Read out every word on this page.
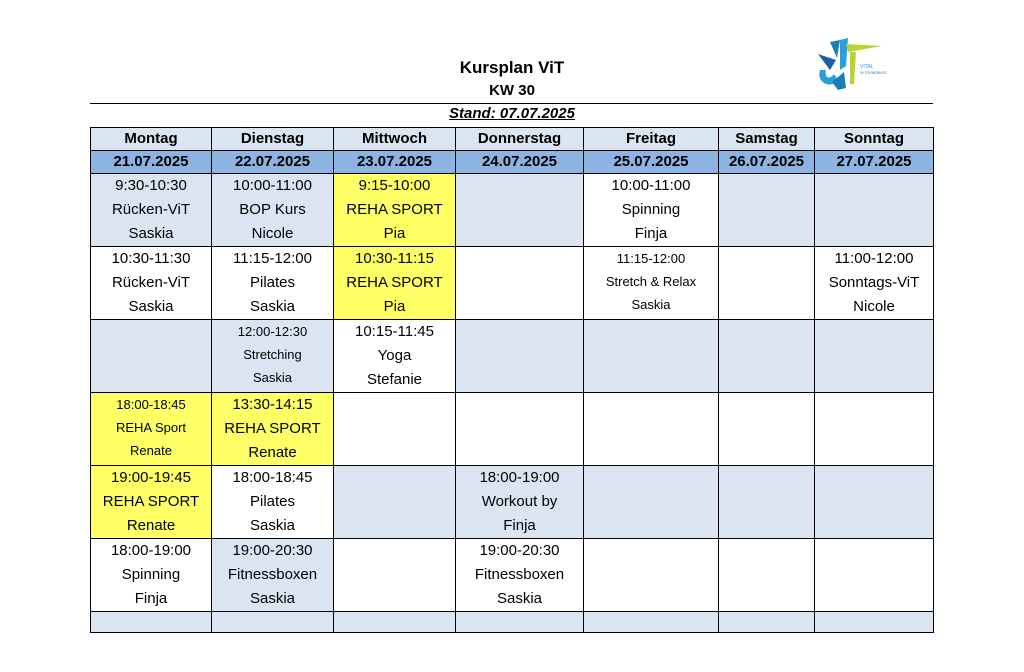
Kursplan ViT
KW 30
Stand: 07.07.2025
VITAL
IN TORNEBURG
Montag	Dienstag	Mittwoch	Donnerstag	Freitag	Samstag	Sonntag
21.07.2025	22.07.2025	23.07.2025	24.07.2025	25.07.2025	26.07.2025	27.07.2025

9:30-10:30
Rücken-ViT
Saskia	10:00-11:00
BOP Kurs
Nicole	9:15-10:00
REHA SPORT
Pia		10:00-11:00
Spinning
Finja		

10:30-11:30
Rücken-ViT
Saskia	11:15-12:00
Pilates
Saskia	10:30-11:15
REHA SPORT
Pia		11:15-12:00
Stretch & Relax
Saskia		11:00-12:00
Sonntags-ViT
Nicole

	12:00-12:30
Stretching
Saskia	10:15-11:45
Yoga
Stefanie				

18:00-18:45
REHA Sport
Renate	13:30-14:15
REHA SPORT
Renate					

19:00-19:45
REHA SPORT
Renate	18:00-18:45
Pilates
Saskia		18:00-19:00
Workout by
Finja			

18:00-19:00
Spinning
Finja	19:00-20:30
Fitnessboxen
Saskia		19:00-20:30
Fitnessboxen
Saskia			
